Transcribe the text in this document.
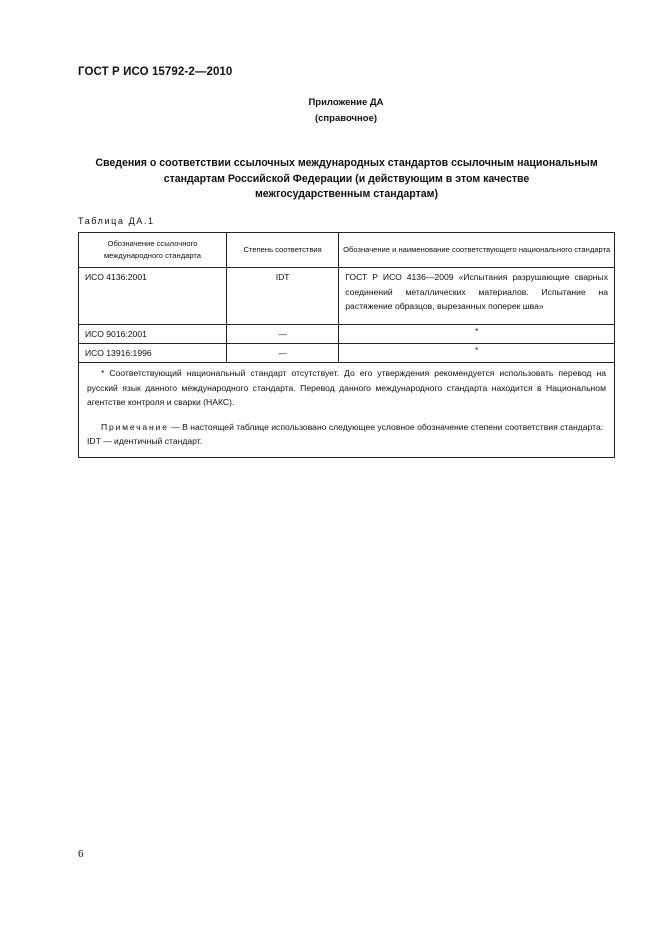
ГОСТ Р ИСО 15792-2—2010
Приложение ДА
(справочное)
Сведения о соответствии ссылочных международных стандартов ссылочным национальным
стандартам Российской Федерации (и действующим в этом качестве
межгосударственным стандартам)
Таблица ДА.1
Обозначение ссылочного международного стандарта	Степень соответствия	Обозначение и наименование соответствующего национального стандарта
ИСО 4136:2001	IDT	ГОСТ Р ИСО 4136—2009 «Испытания разрушающие сварных соединений металлических материалов. Испытание на растяжение образцов, вырезанных поперек шва»
ИСО 9016:2001	—	*
ИСО 13916:1996	—	*

* Соответствующий национальный стандарт отсутствует. До его утверждения рекомендуется использовать перевод на русский язык данного международного стандарта. Перевод данного международного стандарта находится в Национальном агентстве контроля и сварки (НАКС).

Примечание — В настоящей таблице использовано следующее условное обозначение степени соответствия стандарта:

IDT — идентичный стандарт.		

6
